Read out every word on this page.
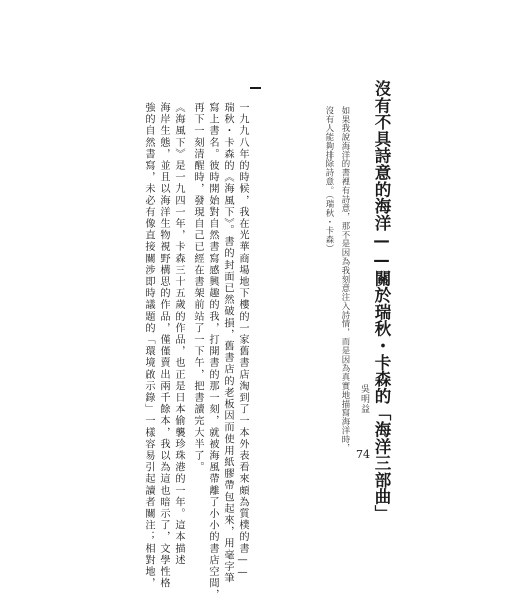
沒有不具詩意的海洋——關於瑞秋・卡森的「海洋三部曲」
如果我說海洋的書裡有詩意，那不是因為我刻意注入詩情，而是因為真實地描寫海洋時，
沒有人能夠排除詩意。（瑞秋・卡森）
吳明益
一九九八年的時候，我在光華商場地下樓的一家舊書店淘到了一本外表看來頗為質樸的書——
瑞秋・卡森的《海風下》。書的封面已然破損，舊書店的老板因而使用紙膠帶包起來，用毫字筆
寫上書名。彼時開始對自然書寫感興趣的我，打開書的那一刻，就被海風帶離了小小的書店空間，
再下一刻清醒時，發現自己已經在書架前站了一下午，把書讀完大半了。
《海風下》是一九四一年，卡森三十五歲的作品，也正是日本偷襲珍珠港的一年。這本描述
海岸生態，並且以海洋生物視野構思的作品，僅僅賣出兩千餘本，我以為這也暗示了，文學性格
強的自然書寫，未必有像直接關涉即時議題的「環境啟示錄」一樣容易引起讀者關注；相對地，	74
